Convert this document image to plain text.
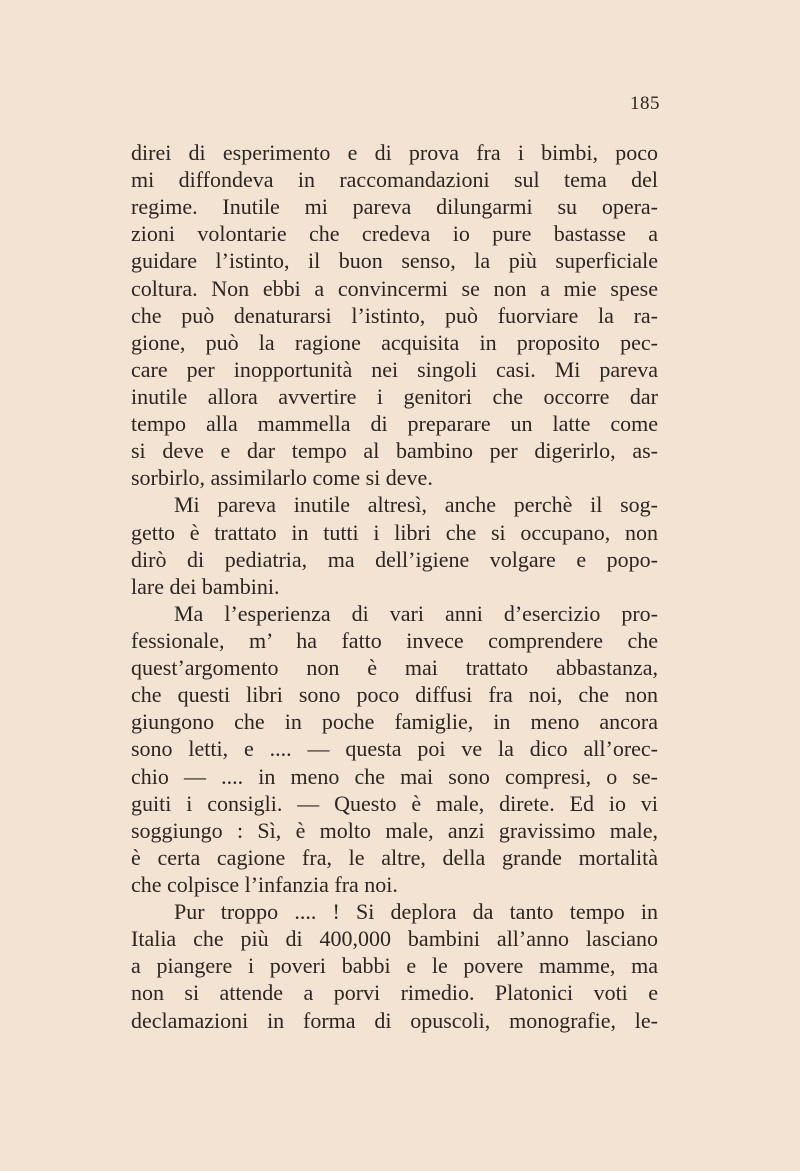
185
direi di esperimento e di prova fra i bimbi, poco
mi diffondeva in raccomandazioni sul tema del
regime. Inutile mi pareva dilungarmi su opera-
zioni volontarie che credeva io pure bastasse a
guidare l’istinto, il buon senso, la più superficiale
coltura. Non ebbi a convincermi se non a mie spese
che può denaturarsi l’istinto, può fuorviare la ra-
gione, può la ragione acquisita in proposito pec-
care per inopportunità nei singoli casi. Mi pareva
inutile allora avvertire i genitori che occorre dar
tempo alla mammella di preparare un latte come
si deve e dar tempo al bambino per digerirlo, as-
sorbirlo, assimilarlo come si deve.
Mi pareva inutile altresì, anche perchè il sog-
getto è trattato in tutti i libri che si occupano, non
dirò di pediatria, ma dell’igiene volgare e popo-
lare dei bambini.
Ma l’esperienza di vari anni d’esercizio pro-
fessionale, m’ ha fatto invece comprendere che
quest’argomento non è mai trattato abbastanza,
che questi libri sono poco diffusi fra noi, che non
giungono che in poche famiglie, in meno ancora
sono letti, e .... — questa poi ve la dico all’orec-
chio — .... in meno che mai sono compresi, o se-
guiti i consigli. — Questo è male, direte. Ed io vi
soggiungo : Sì, è molto male, anzi gravissimo male,
è certa cagione fra, le altre, della grande mortalità
che colpisce l’infanzia fra noi.
Pur troppo .... ! Si deplora da tanto tempo in
Italia che più di 400,000 bambini all’anno lasciano
a piangere i poveri babbi e le povere mamme, ma
non si attende a porvi rimedio. Platonici voti e
declamazioni in forma di opuscoli, monografie, le-
